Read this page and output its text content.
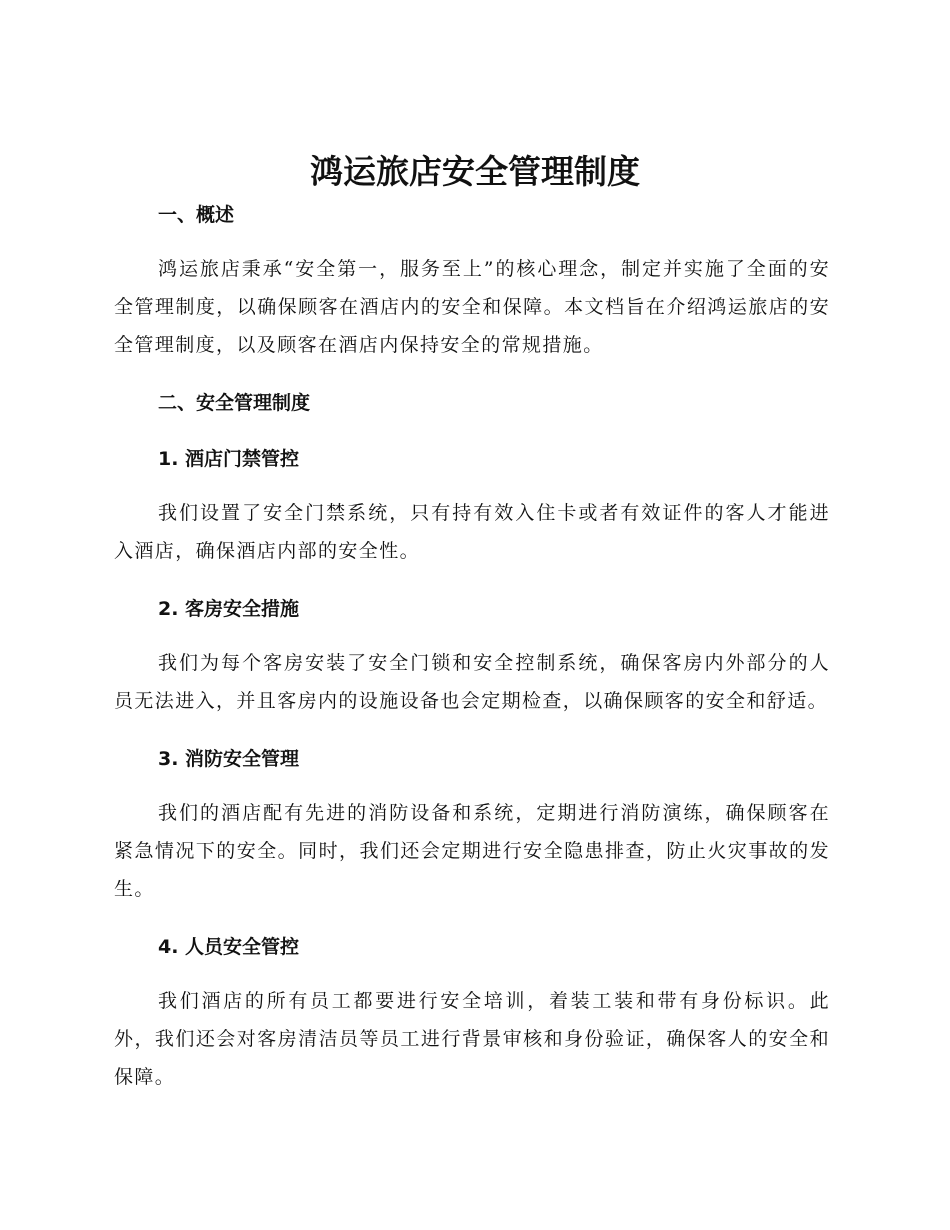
鸿运旅店安全管理制度
一、概述

鸿运旅店秉承“安全第一，服务至上”的核心理念，制定并实施了全面的安全管理制度，以确保顾客在酒店内的安全和保障。本文档旨在介绍鸿运旅店的安全管理制度，以及顾客在酒店内保持安全的常规措施。

二、安全管理制度
1. 酒店门禁管控

我们设置了安全门禁系统，只有持有效入住卡或者有效证件的客人才能进入酒店，确保酒店内部的安全性。

2. 客房安全措施

我们为每个客房安装了安全门锁和安全控制系统，确保客房内外部分的人员无法进入，并且客房内的设施设备也会定期检查，以确保顾客的安全和舒适。

3. 消防安全管理

我们的酒店配有先进的消防设备和系统，定期进行消防演练，确保顾客在紧急情况下的安全。同时，我们还会定期进行安全隐患排查，防止火灾事故的发生。

4. 人员安全管控

我们酒店的所有员工都要进行安全培训，着装工装和带有身份标识。此外，我们还会对客房清洁员等员工进行背景审核和身份验证，确保客人的安全和保障。
